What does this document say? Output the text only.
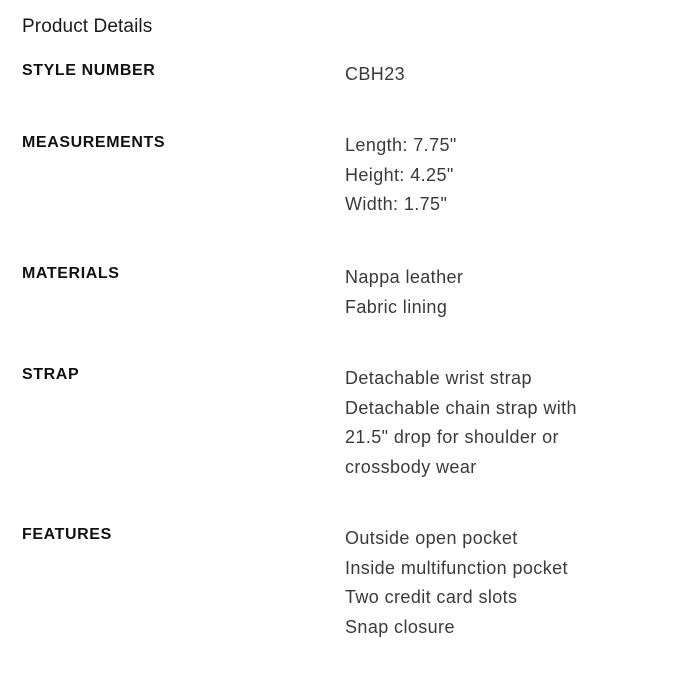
Product Details
STYLE NUMBER	CBH23
MEASUREMENTS	Length: 7.75"
Height: 4.25"
Width: 1.75"
MATERIALS	Nappa leather
Fabric lining
STRAP	Detachable wrist strap
Detachable chain strap with
21.5" drop for shoulder or
crossbody wear
FEATURES	Outside open pocket
Inside multifunction pocket
Two credit card slots
Snap closure
